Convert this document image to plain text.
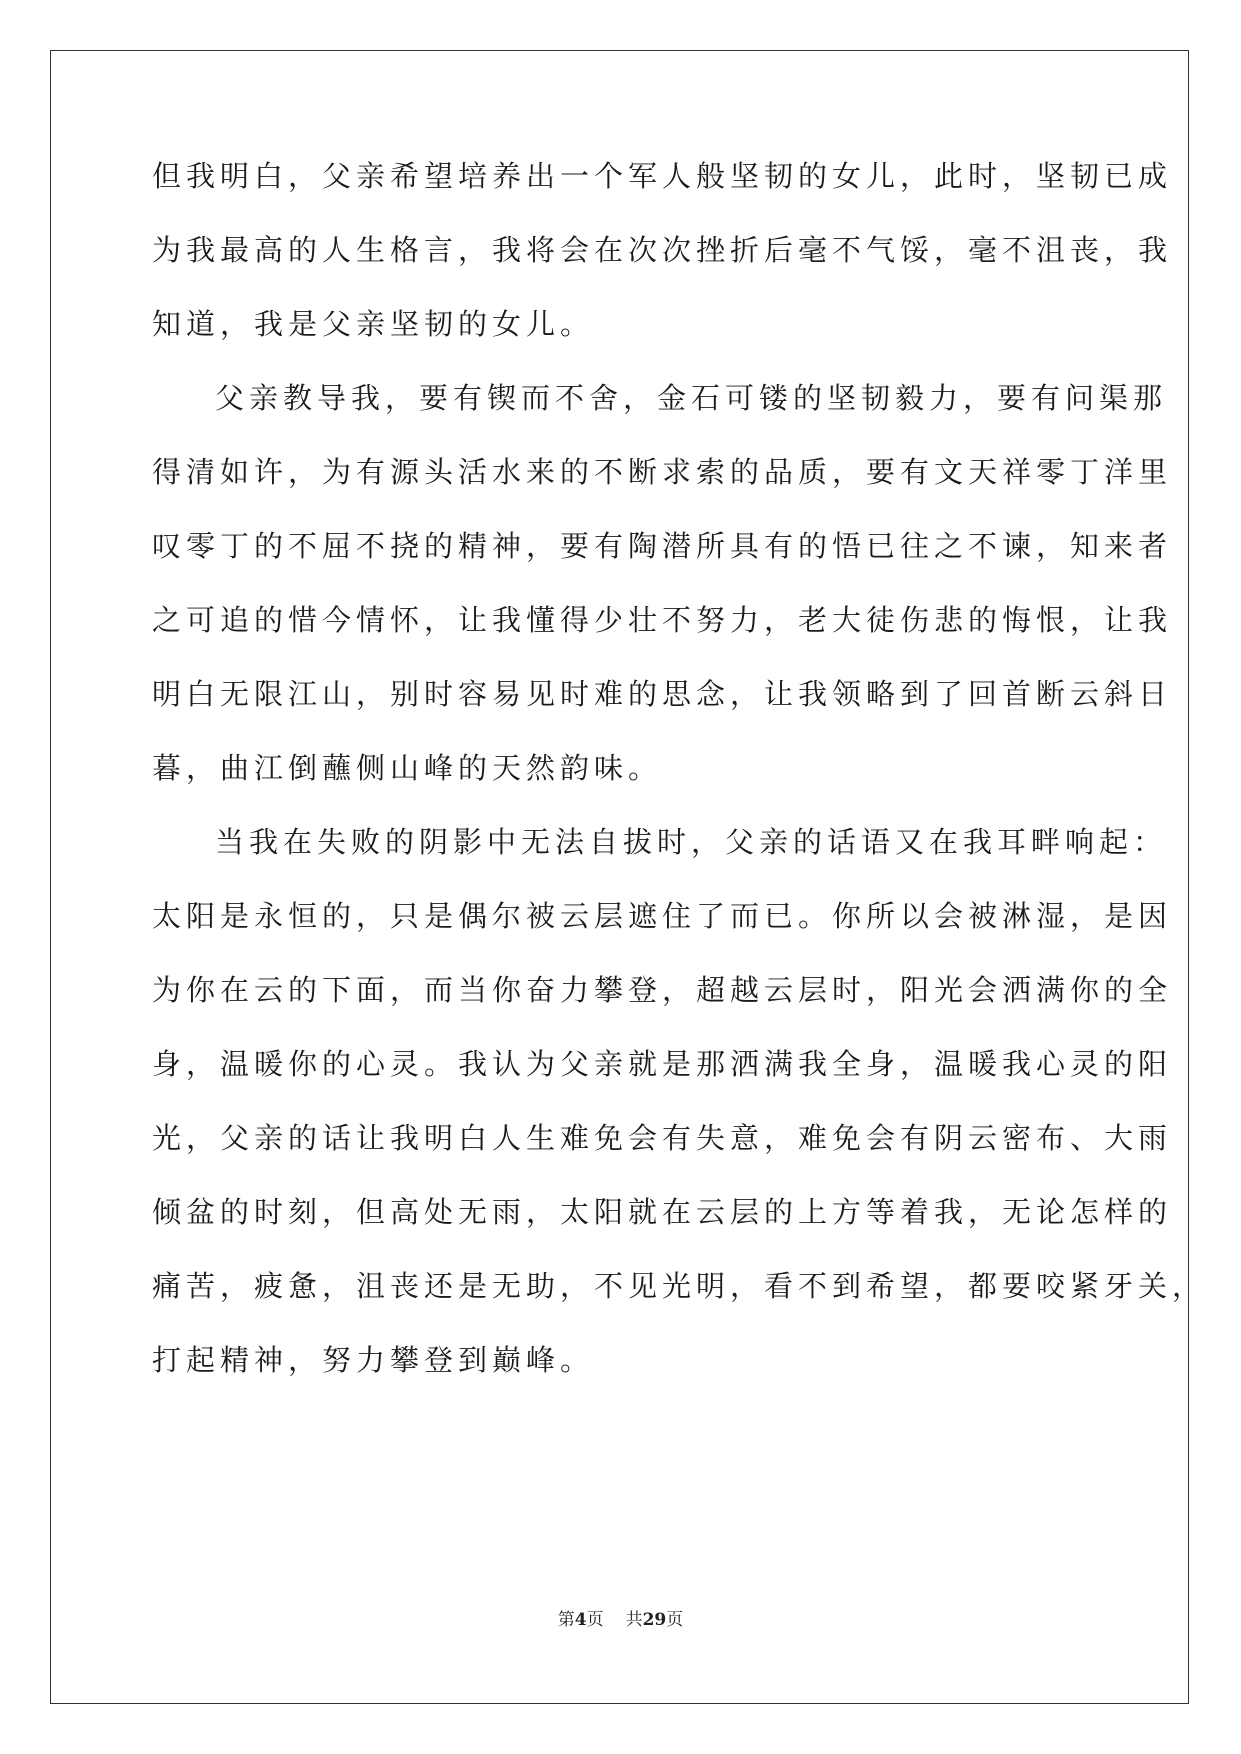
但我明白，父亲希望培养出一个军人般坚韧的女儿，此时，坚韧已成
为我最高的人生格言，我将会在次次挫折后毫不气馁，毫不沮丧，我
知道，我是父亲坚韧的女儿。
父亲教导我，要有锲而不舍，金石可镂的坚韧毅力，要有问渠那
得清如许，为有源头活水来的不断求索的品质，要有文天祥零丁洋里
叹零丁的不屈不挠的精神，要有陶潜所具有的悟已往之不谏，知来者
之可追的惜今情怀，让我懂得少壮不努力，老大徒伤悲的悔恨，让我
明白无限江山，别时容易见时难的思念，让我领略到了回首断云斜日
暮，曲江倒蘸侧山峰的天然韵味。
当我在失败的阴影中无法自拔时，父亲的话语又在我耳畔响起：
太阳是永恒的，只是偶尔被云层遮住了而已。你所以会被淋湿，是因
为你在云的下面，而当你奋力攀登，超越云层时，阳光会洒满你的全
身，温暖你的心灵。我认为父亲就是那洒满我全身，温暖我心灵的阳
光，父亲的话让我明白人生难免会有失意，难免会有阴云密布、大雨
倾盆的时刻，但高处无雨，太阳就在云层的上方等着我，无论怎样的
痛苦，疲惫，沮丧还是无助，不见光明，看不到希望，都要咬紧牙关，
打起精神，努力攀登到巅峰。
第4页 共29页
